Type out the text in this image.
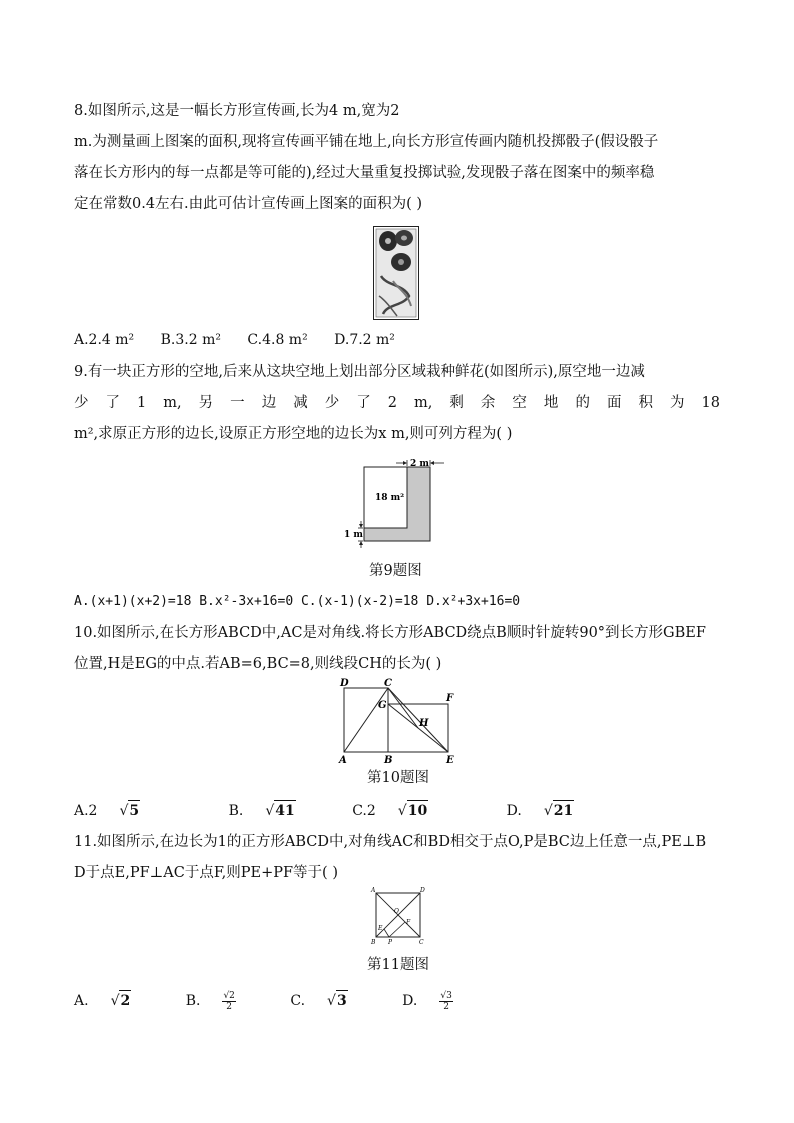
8.如图所示,这是一幅长方形宣传画,长为4 m,宽为2
m.为测量画上图案的面积,现将宣传画平铺在地上,向长方形宣传画内随机投掷骰子(假设骰子
落在长方形内的每一点都是等可能的),经过大量重复投掷试验,发现骰子落在图案中的频率稳
定在常数0.4左右.由此可估计宣传画上图案的面积为( )
A.2.4 m² B.3.2 m² C.4.8 m² D.7.2 m²
9.有一块正方形的空地,后来从这块空地上划出部分区域栽种鲜花(如图所示),原空地一边减
少 了 1 m, 另 一 边 减 少 了 2 m, 剩 余 空 地 的 面 积 为 18
m²,求原正方形的边长,设原正方形空地的边长为x m,则可列方程为( )
2 m
18 m²
1 m
第9题图
A.(x+1)(x+2)=18 B.x²-3x+16=0 C.(x-1)(x-2)=18 D.x²+3x+16=0
10.如图所示,在长方形ABCD中,AC是对角线.将长方形ABCD绕点B顺时针旋转90°到长方形GBEF
位置,H是EG的中点.若AB=6,BC=8,则线段CH的长为( )
D	C
F
G
H
A	B	E
第10题图
A.2 √5	B. √41	C.2 √10	D. √21
11.如图所示,在边长为1的正方形ABCD中,对角线AC和BD相交于点O,P是BC边上任意一点,PE⊥B
D于点E,PF⊥AC于点F,则PE+PF等于( )
A	D
O
E
F
B P	C
第11题图
A. √2	B. $\frac{√2}{2} C$. √3	D. $\frac{√3}{2}$
